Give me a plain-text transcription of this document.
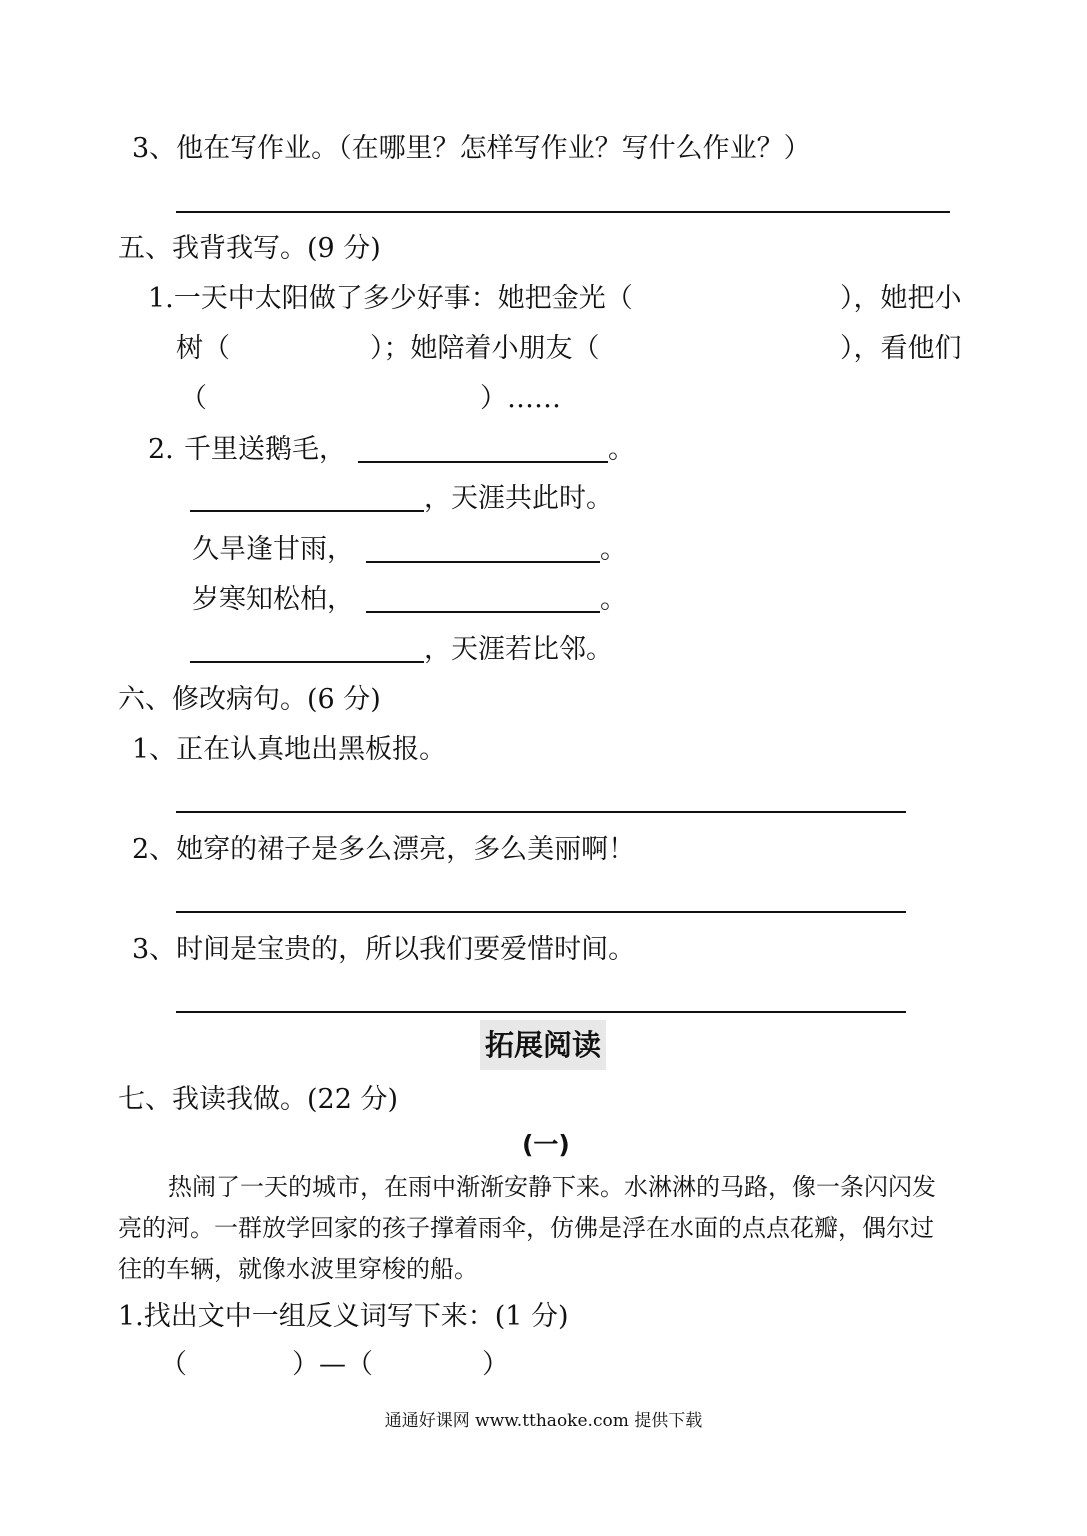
3、他在写作业。（在哪里？怎样写作业？写什么作业？）
五、我背我写。(9 分)
1.一天中太阳做了多少好事：她把金光（	），她把小
树（	）；她陪着小朋友（	），看他们
（	）……
2. 千里送鹅毛，	。
，天涯共此时。
久旱逢甘雨，	。
岁寒知松柏，	。
，天涯若比邻。
六、修改病句。(6 分)
1、正在认真地出黑板报。
2、她穿的裙子是多么漂亮，多么美丽啊！
3、时间是宝贵的，所以我们要爱惜时间。
拓展阅读
七、我读我做。(22 分)
(一)
热闹了一天的城市，在雨中渐渐安静下来。水淋淋的马路，像一条闪闪发
亮的河。一群放学回家的孩子撑着雨伞，仿佛是浮在水面的点点花瓣，偶尔过
往的车辆，就像水波里穿梭的船。
1.找出文中一组反义词写下来：(1 分)
（	）—（	）
通通好课网 www.tthaoke.com 提供下载
